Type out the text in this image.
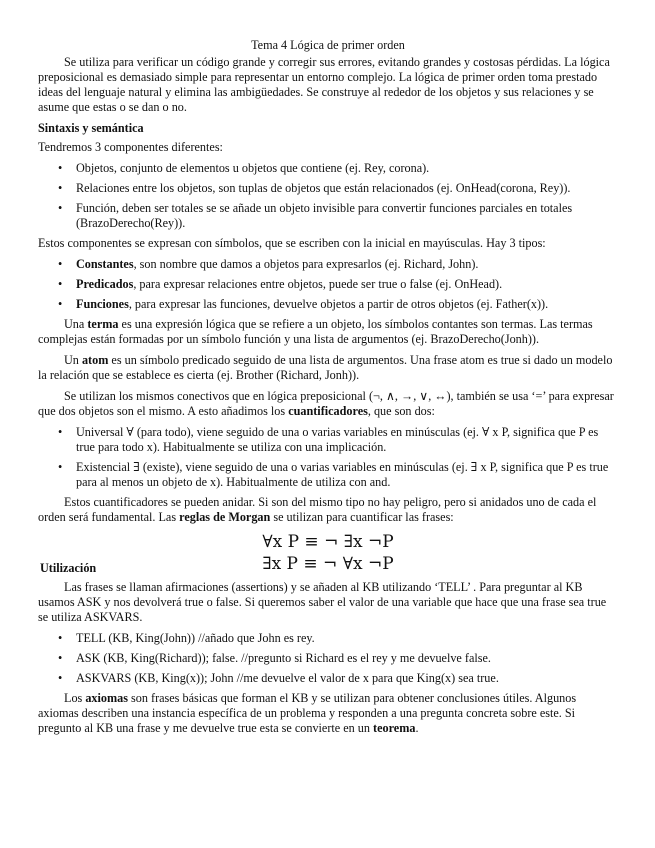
Tema 4 Lógica de primer orden

Se utiliza para verificar un código grande y corregir sus errores, evitando grandes y costosas pérdidas. La lógica preposicional es demasiado simple para representar un entorno complejo. La lógica de primer orden toma prestado ideas del lenguaje natural y elimina las ambigüedades. Se construye al rededor de los objetos y sus relaciones y se asume que estas o se dan o no.

Sintaxis y semántica

Tendremos 3 componentes diferentes:

• Objetos, conjunto de elementos u objetos que contiene (ej. Rey, corona).
• Relaciones entre los objetos, son tuplas de objetos que están relacionados (ej. OnHead(corona, Rey)).
• Función, deben ser totales se se añade un objeto invisible para convertir funciones parciales en totales (BrazoDerecho(Rey)).

Estos componentes se expresan con símbolos, que se escriben con la inicial en mayúsculas. Hay 3 tipos:

• Constantes, son nombre que damos a objetos para expresarlos (ej. Richard, John).
• Predicados, para expresar relaciones entre objetos, puede ser true o false (ej. OnHead).
• Funciones, para expresar las funciones, devuelve objetos a partir de otros objetos (ej. Father(x)).

Una terma es una expresión lógica que se refiere a un objeto, los símbolos contantes son termas. Las termas complejas están formadas por un símbolo función y una lista de argumentos (ej. BrazoDerecho(Jonh)).

Un atom es un símbolo predicado seguido de una lista de argumentos. Una frase atom es true si dado un modelo la relación que se establece es cierta (ej. Brother (Richard, Jonh)).

Se utilizan los mismos conectivos que en lógica preposicional (¬, ∧, →, ∨, ↔), también se usa ‘=’ para expresar que dos objetos son el mismo. A esto añadimos los cuantificadores, que son dos:

• Universal ∀ (para todo), viene seguido de una o varias variables en minúsculas (ej. ∀ x P, significa que P es true para todo x). Habitualmente se utiliza con una implicación.
• Existencial ∃ (existe), viene seguido de una o varias variables en minúsculas (ej. ∃ x P, significa que P es true para al menos un objeto de x). Habitualmente de utiliza con and.

Estos cuantificadores se pueden anidar. Si son del mismo tipo no hay peligro, pero si anidados uno de cada el orden será fundamental. Las reglas de Morgan se utilizan para cuantificar las frases:

∀x P ≡ ¬ ∃x ¬P
∃x P ≡ ¬ ∀x ¬P

Utilización

Las frases se llaman afirmaciones (assertions) y se añaden al KB utilizando ‘TELL’ . Para preguntar al KB usamos ASK y nos devolverá true o false. Si queremos saber el valor de una variable que hace que una frase sea true se utiliza ASKVARS.

• TELL (KB, King(John)) //añado que John es rey.
• ASK (KB, King(Richard)); false. //pregunto si Richard es el rey y me devuelve false.
• ASKVARS (KB, King(x)); John //me devuelve el valor de x para que King(x) sea true.

Los axiomas son frases básicas que forman el KB y se utilizan para obtener conclusiones útiles. Algunos axiomas describen una instancia específica de un problema y responden a una pregunta concreta sobre este. Si pregunto al KB una frase y me devuelve true esta se convierte en un teorema.
